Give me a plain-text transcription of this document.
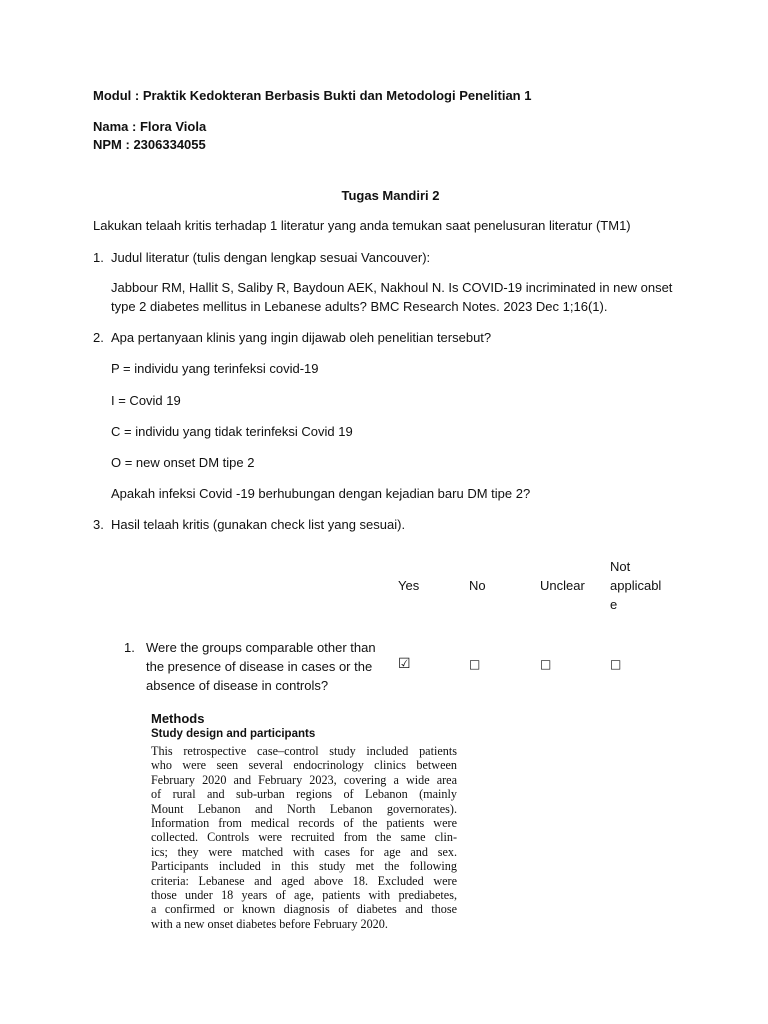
Modul : Praktik Kedokteran Berbasis Bukti dan Metodologi Penelitian 1
Nama : Flora Viola
NPM : 2306334055
Tugas Mandiri 2
Lakukan telaah kritis terhadap 1 literatur yang anda temukan saat penelusuran literatur (TM1)
1. Judul literatur (tulis dengan lengkap sesuai Vancouver):
Jabbour RM, Hallit S, Saliby R, Baydoun AEK, Nakhoul N. Is COVID-19 incriminated in new onset
type 2 diabetes mellitus in Lebanese adults? BMC Research Notes. 2023 Dec 1;16(1).
2. Apa pertanyaan klinis yang ingin dijawab oleh penelitian tersebut?
P = individu yang terinfeksi covid-19
I = Covid 19
C = individu yang tidak terinfeksi Covid 19
O = new onset DM tipe 2
Apakah infeksi Covid -19 berhubungan dengan kejadian baru DM tipe 2?
3. Hasil telaah kritis (gunakan check list yang sesuai).
Yes	No	Unclear
Not
applicabl
e
1. Were the groups comparable other than the presence of disease in cases or the absence of disease in controls?
☑	□	□	□
Methods
Study design and participants
This retrospective case–control study included patients
who were seen several endocrinology clinics between
February 2020 and February 2023, covering a wide area
of rural and sub-urban regions of Lebanon (mainly
Mount Lebanon and North Lebanon governorates).
Information from medical records of the patients were
collected. Controls were recruited from the same clin-
ics; they were matched with cases for age and sex.
Participants included in this study met the following
criteria: Lebanese and aged above 18. Excluded were
those under 18 years of age, patients with prediabetes,
a confirmed or known diagnosis of diabetes and those
with a new onset diabetes before February 2020.
